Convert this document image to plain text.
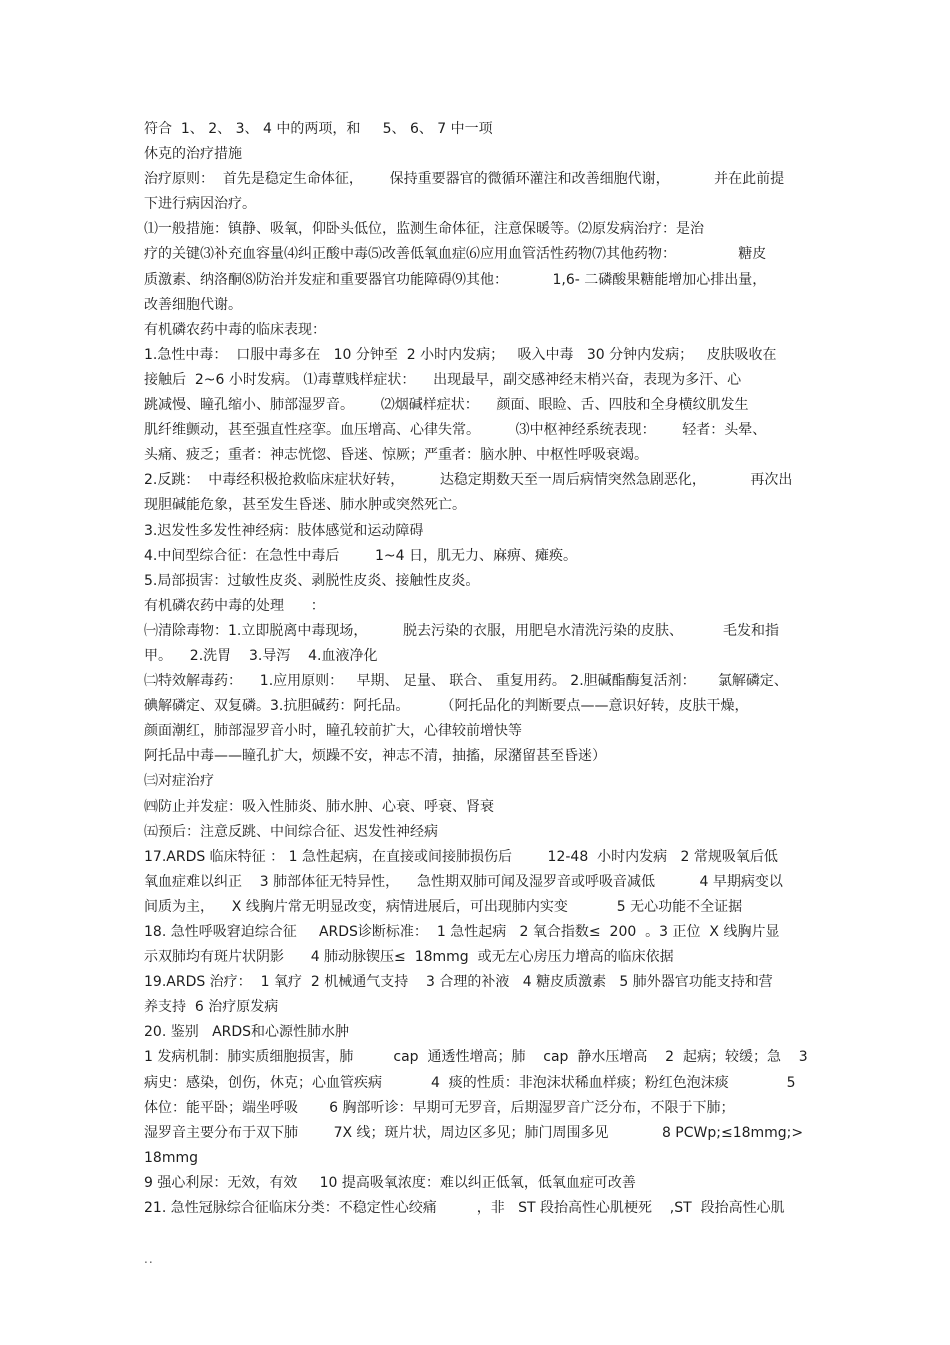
符合  1、 2、 3、 4 中的两项，和     5、 6、 7 中一项
休克的治疗措施
治疗原则：  首先是稳定生命体征，      保持重要器官的微循环灌注和改善细胞代谢，          并在此前提
下进行病因治疗。
⑴一般措施：镇静、吸氧，仰卧头低位，监测生命体征，注意保暖等。⑵原发病治疗：是治
疗的关键⑶补充血容量⑷纠正酸中毒⑸改善低氧血症⑹应用血管活性药物⑺其他药物：              糖皮
质激素、纳洛酮⑻防治并发症和重要器官功能障碍⑼其他：          1,6- 二磷酸果糖能增加心排出量，
改善细胞代谢。
有机磷农药中毒的临床表现：
1.急性中毒：  口服中毒多在   10 分钟至  2 小时内发病；   吸入中毒   30 分钟内发病；   皮肤吸收在
接触后  2~6 小时发病。 ⑴毒蕈贱样症状：    出现最早，副交感神经末梢兴奋，表现为多汗、心
跳减慢、瞳孔缩小、肺部湿罗音。      ⑵烟碱样症状：    颜面、眼睑、舌、四肢和全身横纹肌发生
肌纤维颤动，甚至强直性痉挛。血压增高、心律失常。        ⑶中枢神经系统表现：      轻者：头晕、
头痛、疲乏；重者：神志恍惚、昏迷、惊厥；严重者：脑水肿、中枢性呼吸衰竭。
2.反跳：  中毒经积极抢救临床症状好转，        达稳定期数天至一周后病情突然急剧恶化，          再次出
现胆碱能危象，甚至发生昏迷、肺水肿或突然死亡。
3.迟发性多发性神经病：肢体感觉和运动障碍
4.中间型综合征：在急性中毒后        1~4 日，肌无力、麻痹、瘫痪。
5.局部损害：过敏性皮炎、剥脱性皮炎、接触性皮炎。
有机磷农药中毒的处理      ：
㈠清除毒物：1.立即脱离中毒现场，        脱去污染的衣服，用肥皂水清洗污染的皮肤、         毛发和指
甲。    2.洗胃    3.导泻    4.血液净化
㈡特效解毒药：    1.应用原则：   早期、 足量、 联合、 重复用药。 2.胆碱酯酶复活剂：     氯解磷定、
碘解磷定、双复磷。3.抗胆碱药：阿托品。       （阿托品化的判断要点——意识好转，皮肤干燥，
颜面潮红，肺部湿罗音小时，瞳孔较前扩大，心律较前增快等
阿托品中毒——瞳孔扩大，烦躁不安，神志不清，抽搐，尿潴留甚至昏迷）
㈢对症治疗
㈣防止并发症：吸入性肺炎、肺水肿、心衰、呼衰、肾衰
㈤预后：注意反跳、中间综合征、迟发性神经病
17.ARDS 临床特征 ： 1 急性起病，在直接或间接肺损伤后        12-48  小时内发病   2 常规吸氧后低
氧血症难以纠正    3 肺部体征无特异性，    急性期双肺可闻及湿罗音或呼吸音减低          4 早期病变以
间质为主，    X 线胸片常无明显改变，病情进展后，可出现肺内实变           5 无心功能不全证据
18. 急性呼吸窘迫综合征     ARDS诊断标准：  1 急性起病   2 氧合指数≤  200  。3 正位  X 线胸片显
示双肺均有斑片状阴影      4 肺动脉锲压≤  18mmg  或无左心房压力增高的临床依据
19.ARDS 治疗：  1 氧疗  2 机械通气支持    3 合理的补液   4 糖皮质激素   5 肺外器官功能支持和营
养支持  6 治疗原发病
20. 鉴别   ARDS和心源性肺水肿
1 发病机制：肺实质细胞损害，肺         cap  通透性增高；肺    cap  静水压增高    2  起病；较缓；急    3
病史：感染，创伤，休克；心血管疾病           4  痰的性质：非泡沫状稀血样痰；粉红色泡沫痰             5
体位：能平卧；端坐呼吸       6 胸部听诊：早期可无罗音，后期湿罗音广泛分布，不限于下肺；
湿罗音主要分布于双下肺        7X 线；斑片状，周边区多见；肺门周围多见            8 PCWp;≤18mmg;>
18mmg
9 强心利尿：无效，有效     10 提高吸氧浓度：难以纠正低氧，低氧血症可改善
21. 急性冠脉综合征临床分类：不稳定性心绞痛         ，非   ST 段抬高性心肌梗死    ,ST  段抬高性心肌
..
